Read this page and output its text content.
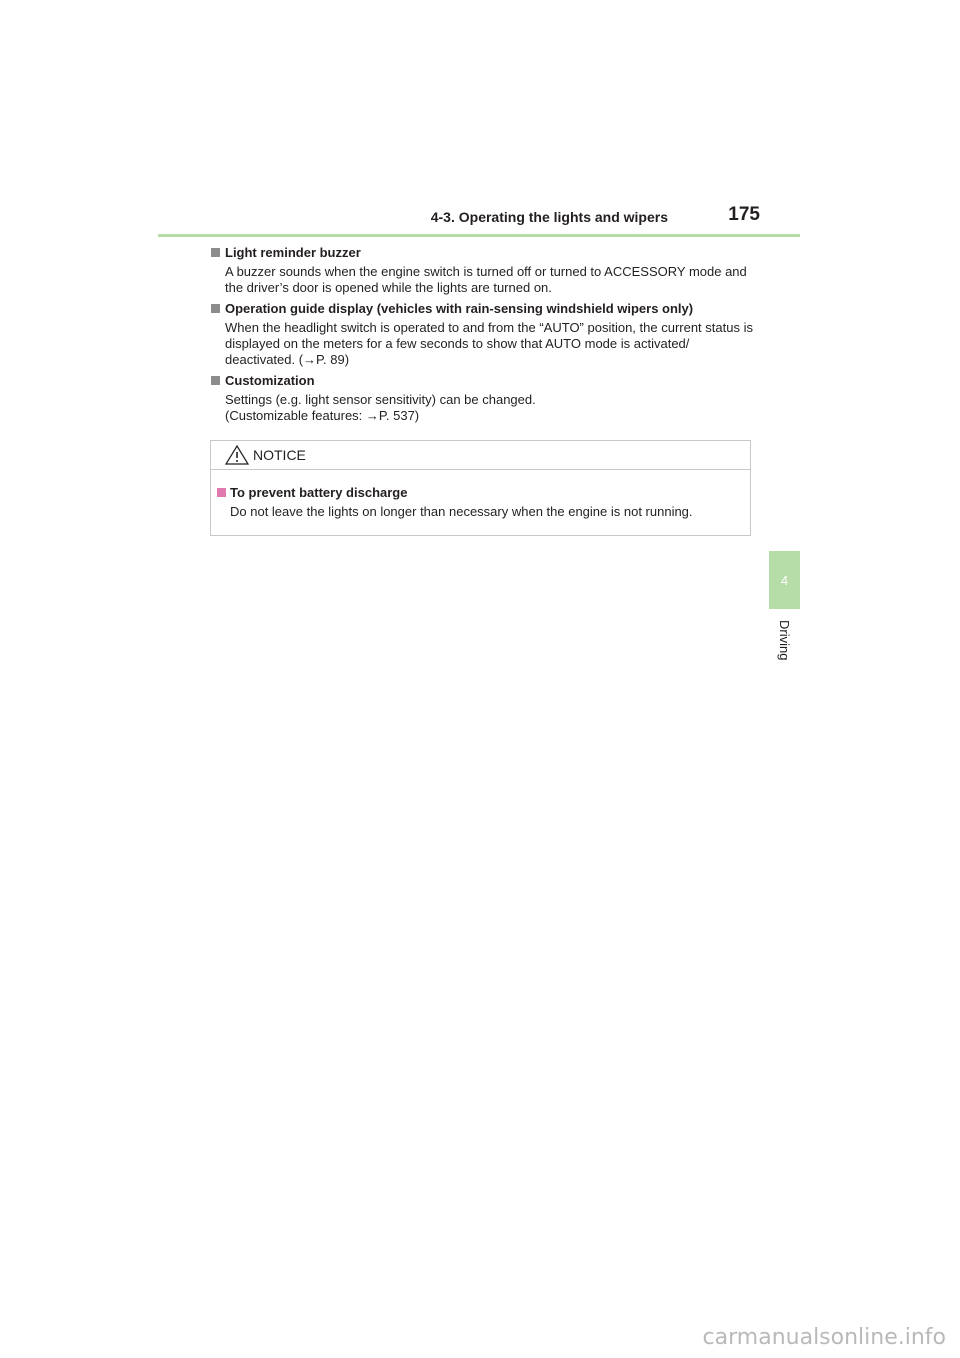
4-3. Operating the lights and wipers	175
4
Driving
Light reminder buzzer
A buzzer sounds when the engine switch is turned off or turned to ACCESSORY mode and the driver’s door is opened while the lights are turned on.
Operation guide display (vehicles with rain-sensing windshield wipers only)
When the headlight switch is operated to and from the “AUTO” position, the current status is displayed on the meters for a few seconds to show that AUTO mode is activated/ deactivated. (→P. 89)
Customization
Settings (e.g. light sensor sensitivity) can be changed.
(Customizable features: →P. 537)
NOTICE
To prevent battery discharge
Do not leave the lights on longer than necessary when the engine is not running.
carmanualsonline.info
